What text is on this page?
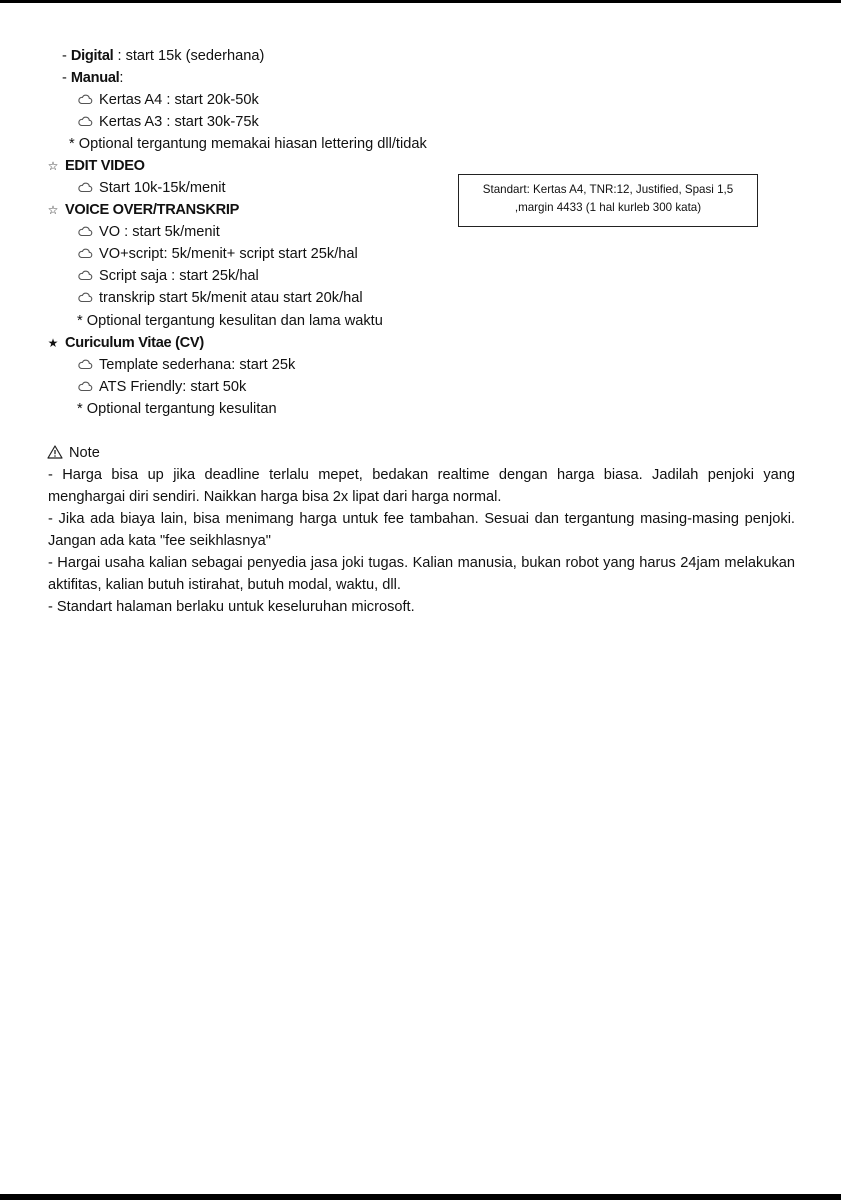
- Digital : start 15k (sederhana)
- Manual:
Kertas A4 : start 20k-50k
Kertas A3 : start 30k-75k
* Optional tergantung memakai hiasan lettering dll/tidak
☆ EDIT VIDEO
Start 10k-15k/menit
☆ VOICE OVER/TRANSKRIP
VO : start 5k/menit
VO+script: 5k/menit+ script start 25k/hal
Script saja : start 25k/hal
transkrip start 5k/menit atau start 20k/hal
* Optional tergantung kesulitan dan lama waktu
★ Curiculum Vitae (CV)
Template sederhana: start 25k
ATS Friendly: start 50k
* Optional tergantung kesulitan
Standart: Kertas A4, TNR:12, Justified, Spasi 1,5
,margin 4433 (1 hal kurleb 300 kata)
Note
- Harga bisa up jika deadline terlalu mepet, bedakan realtime dengan harga biasa. Jadilah penjoki yang menghargai diri sendiri. Naikkan harga bisa 2x lipat dari harga normal.
- Jika ada biaya lain, bisa menimang harga untuk fee tambahan. Sesuai dan tergantung masing-masing penjoki. Jangan ada kata "fee seikhlasnya"
- Hargai usaha kalian sebagai penyedia jasa joki tugas. Kalian manusia, bukan robot yang harus 24jam melakukan aktifitas, kalian butuh istirahat, butuh modal, waktu, dll.
- Standart halaman berlaku untuk keseluruhan microsoft.
